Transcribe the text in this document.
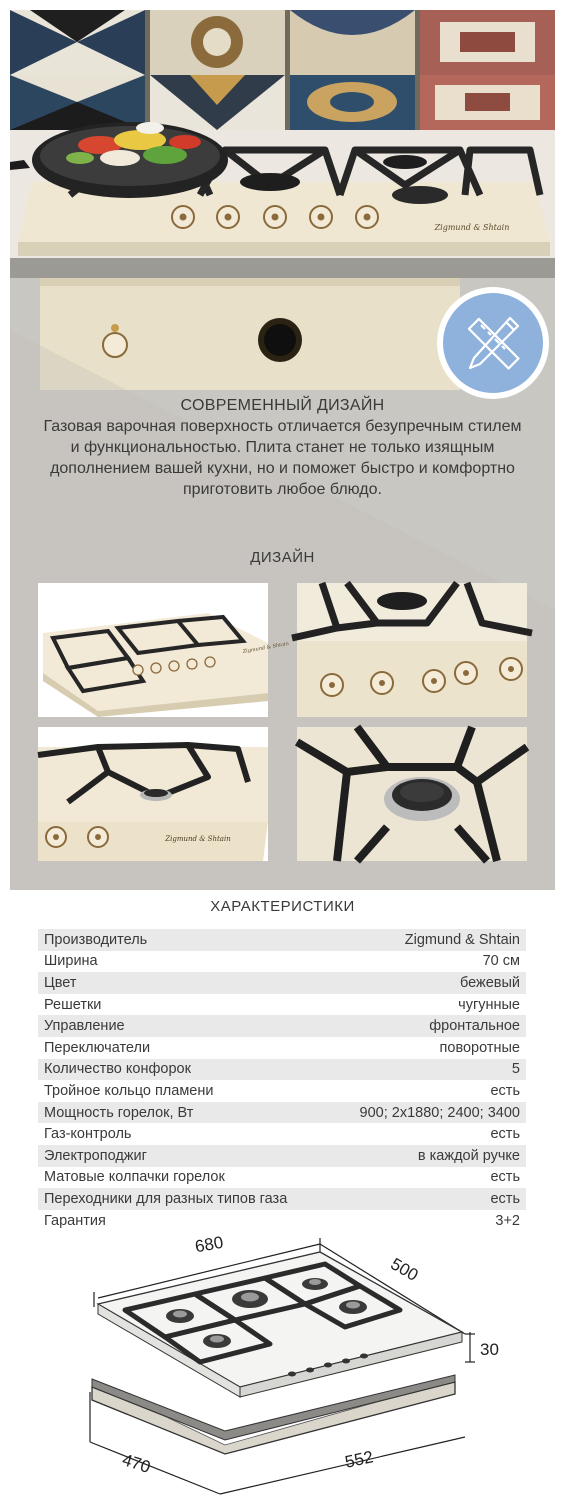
Zigmund & Shtain
СОВРЕМЕННЫЙ ДИЗАЙН

Газовая варочная поверхность отличается безупречным стилем и функциональностью. Плита станет не только изящным дополнением вашей кухни, но и поможет быстро и комфортно приготовить любое блюдо.

ДИЗАЙН
Zigmund & Shtain
Zigmund & Shtain
ХАРАКТЕРИСТИКИ
Производитель	Zigmund & Shtain
Ширина	70 см
Цвет	бежевый
Решетки	чугунные
Управление	фронтальное
Переключатели	поворотные
Количество конфорок	5
Тройное кольцо пламени	есть
Мощность горелок, Вт	900; 2x1880; 2400; 3400
Газ-контроль	есть
Электроподжиг	в каждой ручке
Матовые колпачки горелок	есть
Переходники для разных типов газа	есть
Гарантия	3+2
680
500
30
470	552
